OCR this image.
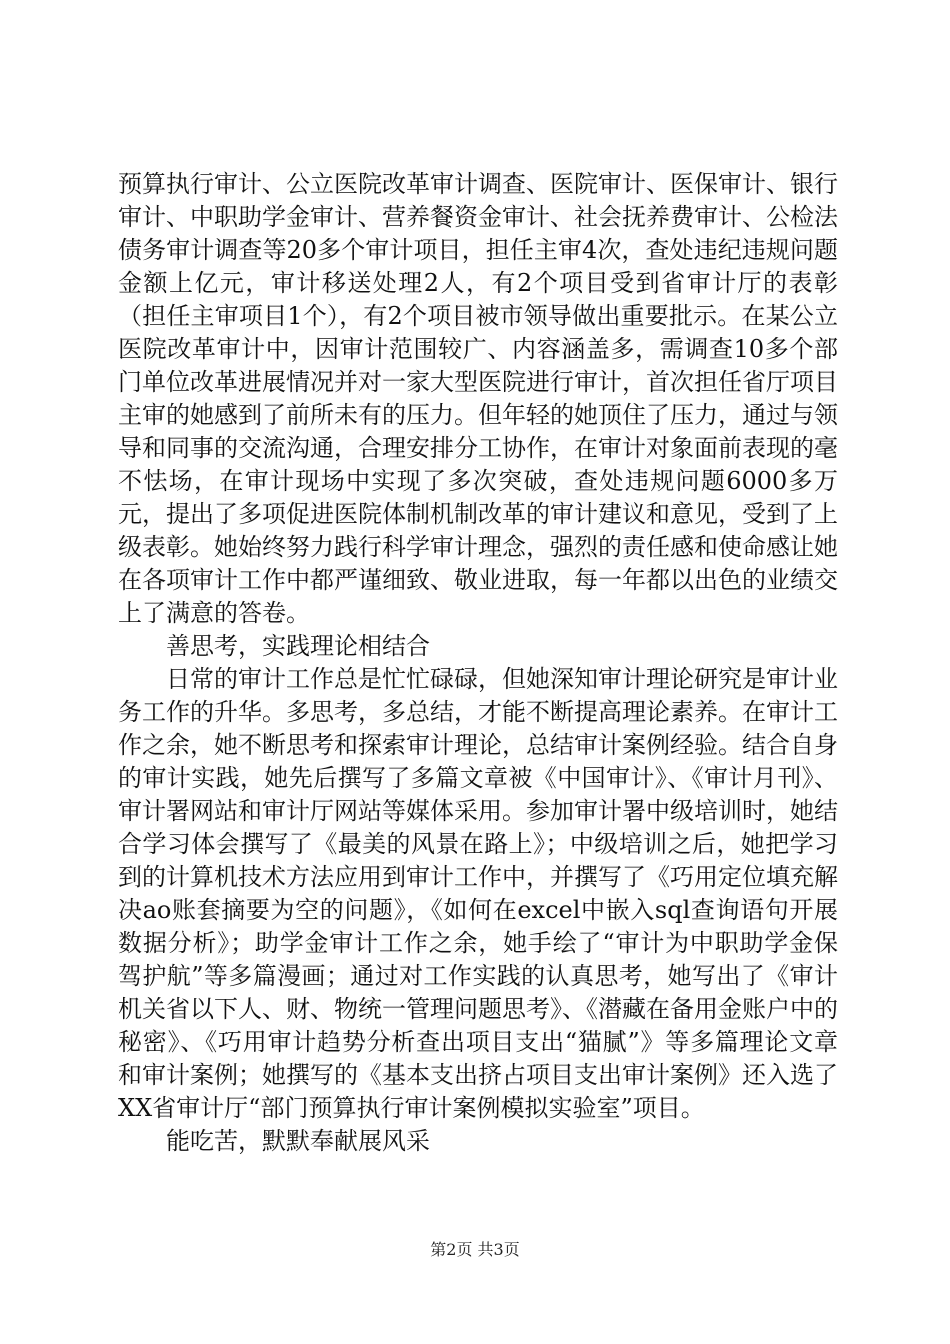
预算执行审计、公立医院改革审计调查、医院审计、医保审计、银行审计、中职助学金审计、营养餐资金审计、社会抚养费审计、公检法债务审计调查等20多个审计项目，担任主审4次，查处违纪违规问题金额上亿元，审计移送处理2人，有2个项目受到省审计厅的表彰（担任主审项目1个），有2个项目被市领导做出重要批示。在某公立医院改革审计中，因审计范围较广、内容涵盖多，需调查10多个部门单位改革进展情况并对一家大型医院进行审计，首次担任省厅项目主审的她感到了前所未有的压力。但年轻的她顶住了压力，通过与领导和同事的交流沟通，合理安排分工协作，在审计对象面前表现的毫不怯场，在审计现场中实现了多次突破，查处违规问题6000多万元，提出了多项促进医院体制机制改革的审计建议和意见，受到了上级表彰。她始终努力践行科学审计理念，强烈的责任感和使命感让她在各项审计工作中都严谨细致、敬业进取，每一年都以出色的业绩交上了满意的答卷。

善思考，实践理论相结合

日常的审计工作总是忙忙碌碌，但她深知审计理论研究是审计业务工作的升华。多思考，多总结，才能不断提高理论素养。在审计工作之余，她不断思考和探索审计理论，总结审计案例经验。结合自身的审计实践，她先后撰写了多篇文章被《中国审计》、《审计月刊》、审计署网站和审计厅网站等媒体采用。参加审计署中级培训时，她结合学习体会撰写了《最美的风景在路上》；中级培训之后，她把学习到的计算机技术方法应用到审计工作中，并撰写了《巧用定位填充解决ao账套摘要为空的问题》，《如何在excel中嵌入sql查询语句开展数据分析》；助学金审计工作之余，她手绘了“审计为中职助学金保驾护航”等多篇漫画；通过对工作实践的认真思考，她写出了《审计机关省以下人、财、物统一管理问题思考》、《潜藏在备用金账户中的秘密》、《巧用审计趋势分析查出项目支出“猫腻”》等多篇理论文章和审计案例；她撰写的《基本支出挤占项目支出审计案例》还入选了XX省审计厅“部门预算执行审计案例模拟实验室”项目。

能吃苦，默默奉献展风采

第2页 共3页
